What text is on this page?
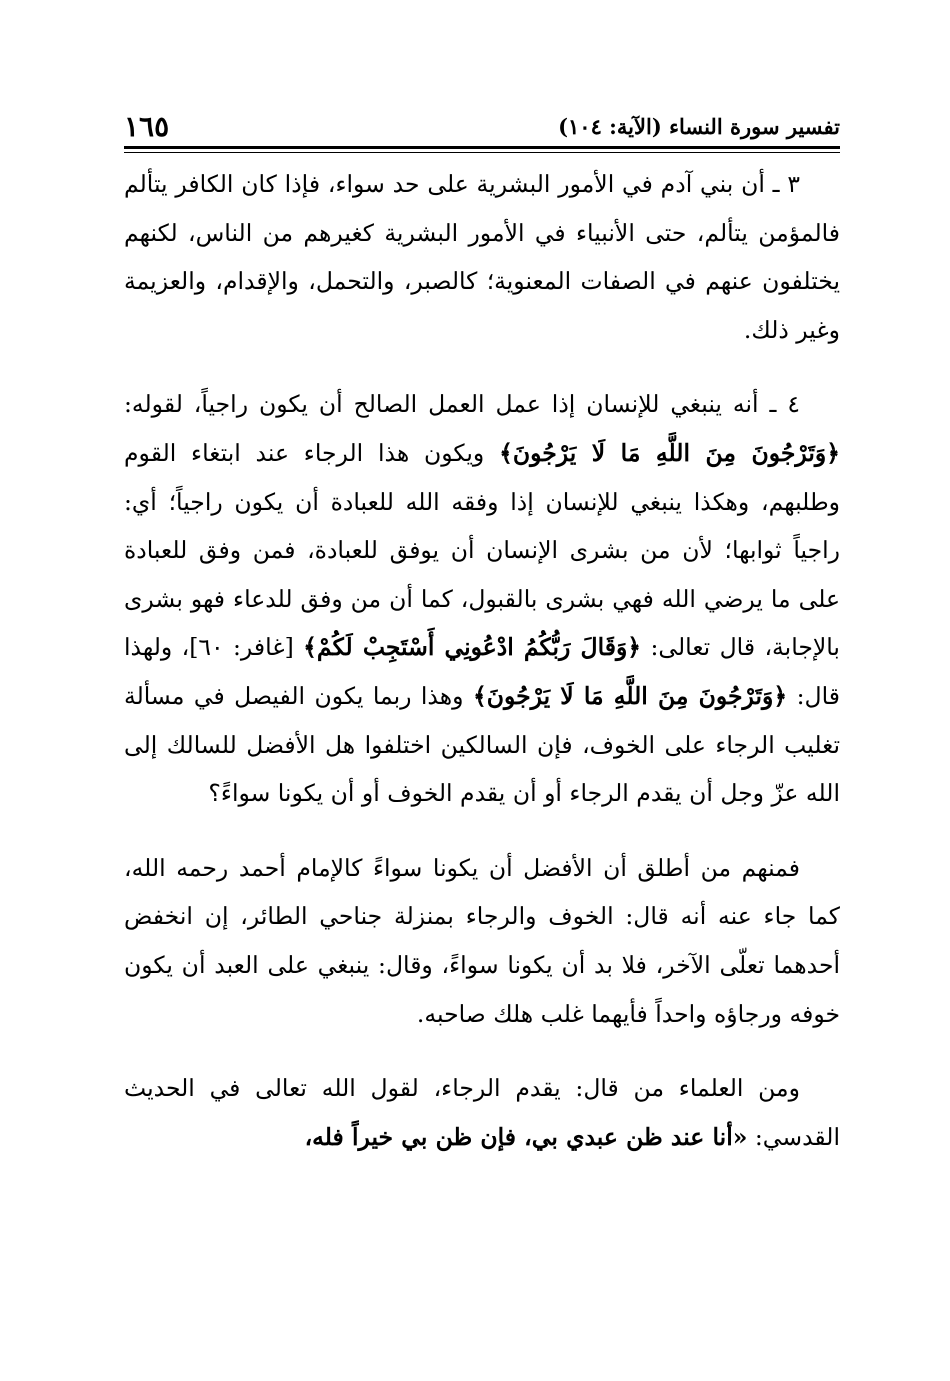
تفسير سورة النساء (الآية: ١٠٤)
١٦٥

٣ ـ أن بني آدم في الأمور البشرية على حد سواء، فإذا كان الكافر يتألم فالمؤمن يتألم، حتى الأنبياء في الأمور البشرية كغيرهم من الناس، لكنهم يختلفون عنهم في الصفات المعنوية؛ كالصبر، والتحمل، والإقدام، والعزيمة وغير ذلك.

٤ ـ أنه ينبغي للإنسان إذا عمل العمل الصالح أن يكون راجياً، لقوله: ﴿وَتَرْجُونَ مِنَ اللَّهِ مَا لَا يَرْجُونَ﴾ ويكون هذا الرجاء عند ابتغاء القوم وطلبهم، وهكذا ينبغي للإنسان إذا وفقه الله للعبادة أن يكون راجياً؛ أي: راجياً ثوابها؛ لأن من بشرى الإنسان أن يوفق للعبادة، فمن وفق للعبادة على ما يرضي الله فهي بشرى بالقبول، كما أن من وفق للدعاء فهو بشرى بالإجابة، قال تعالى: ﴿وَقَالَ رَبُّكُمُ ادْعُونِي أَسْتَجِبْ لَكُمْ﴾ [غافر: ٦٠]، ولهذا قال: ﴿وَتَرْجُونَ مِنَ اللَّهِ مَا لَا يَرْجُونَ﴾ وهذا ربما يكون الفيصل في مسألة تغليب الرجاء على الخوف، فإن السالكين اختلفوا هل الأفضل للسالك إلى الله عزّ وجل أن يقدم الرجاء أو أن يقدم الخوف أو أن يكونا سواءً؟

فمنهم من أطلق أن الأفضل أن يكونا سواءً كالإمام أحمد رحمه الله، كما جاء عنه أنه قال: الخوف والرجاء بمنزلة جناحي الطائر، إن انخفض أحدهما تعلّى الآخر، فلا بد أن يكونا سواءً، وقال: ينبغي على العبد أن يكون خوفه ورجاؤه واحداً فأيهما غلب هلك صاحبه.

ومن العلماء من قال: يقدم الرجاء، لقول الله تعالى في الحديث القدسي: «أنا عند ظن عبدي بي، فإن ظن بي خيراً فله،
